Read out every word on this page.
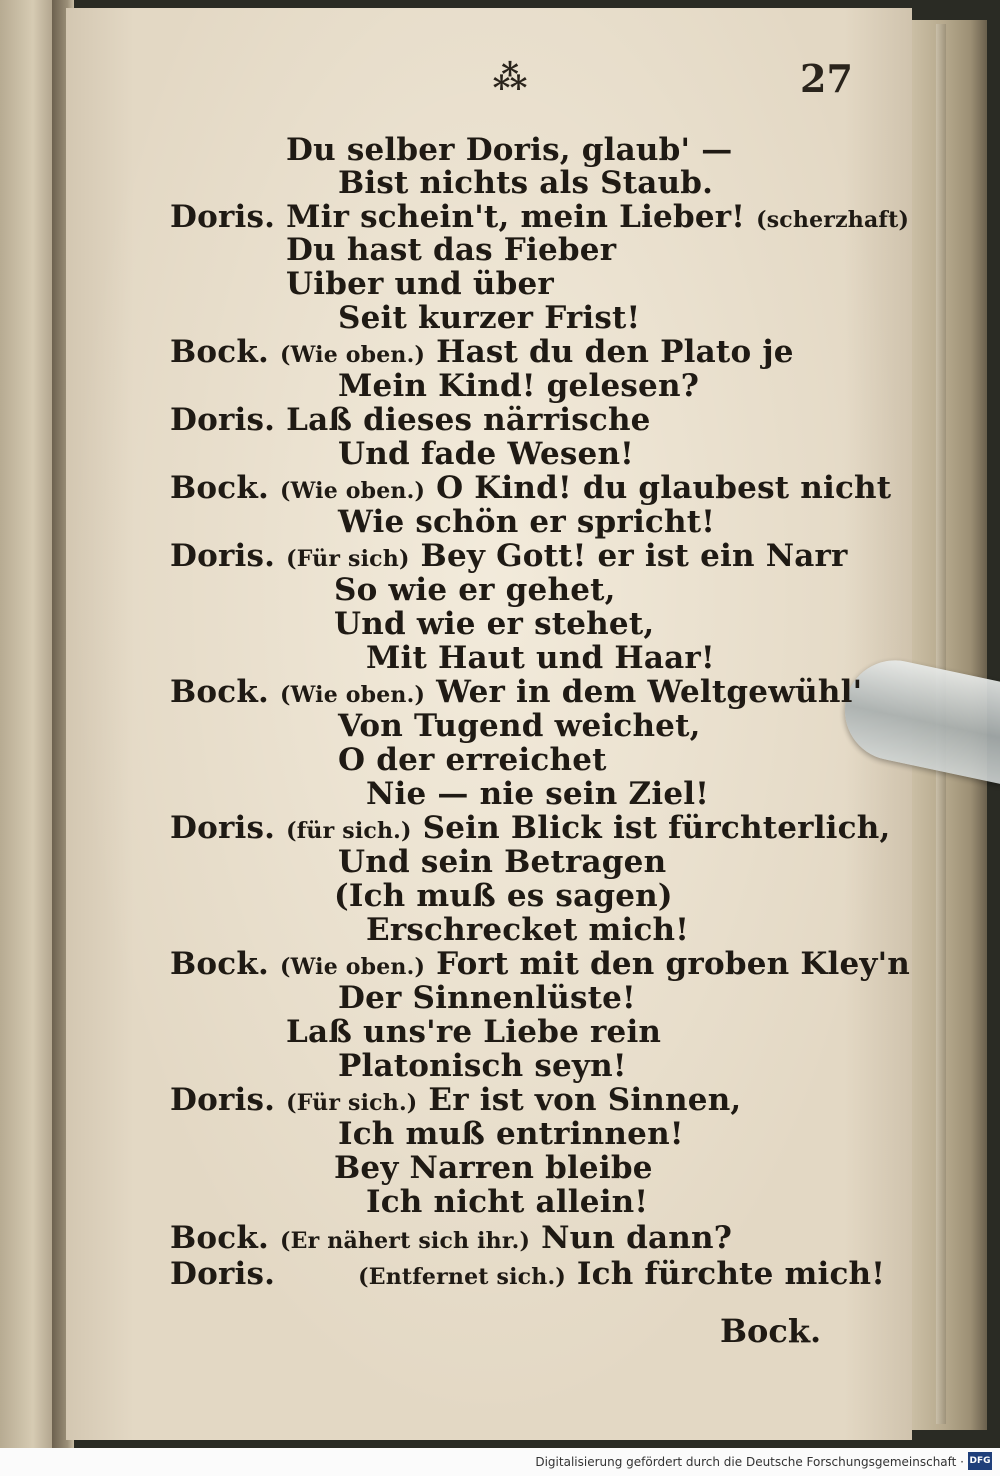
⁂	27
Du selber Doris, glaub' —
Bist nichts als Staub.
Doris. Mir schein't, mein Lieber! (scherzhaft)
Du hast das Fieber
Uiber und über
Seit kurzer Frist!
Bock. (Wie oben.) Hast du den Plato je
Mein Kind! gelesen?
Doris. Laß dieses närrische
Und fade Wesen!
Bock. (Wie oben.) O Kind! du glaubest nicht
Wie schön er spricht!
Doris. (Für sich) Bey Gott! er ist ein Narr
So wie er gehet,
Und wie er stehet,
Mit Haut und Haar!
Bock. (Wie oben.) Wer in dem Weltgewühl'
Von Tugend weichet,
O der erreichet
Nie — nie sein Ziel!
Doris. (für sich.) Sein Blick ist fürchterlich,
Und sein Betragen
(Ich muß es sagen)
Erschrecket mich!
Bock. (Wie oben.) Fort mit den groben Kley'n
Der Sinnenlüste!
Laß uns're Liebe rein
Platonisch seyn!
Doris. (Für sich.) Er ist von Sinnen,
Ich muß entrinnen!
Bey Narren bleibe
Ich nicht allein!
Bock. (Er nähert sich ihr.) Nun dann?
Doris.	(Entfernet sich.) Ich fürchte mich!
Bock.
Digitalisierung gefördert durch die Deutsche Forschungsgemeinschaft · DFG
